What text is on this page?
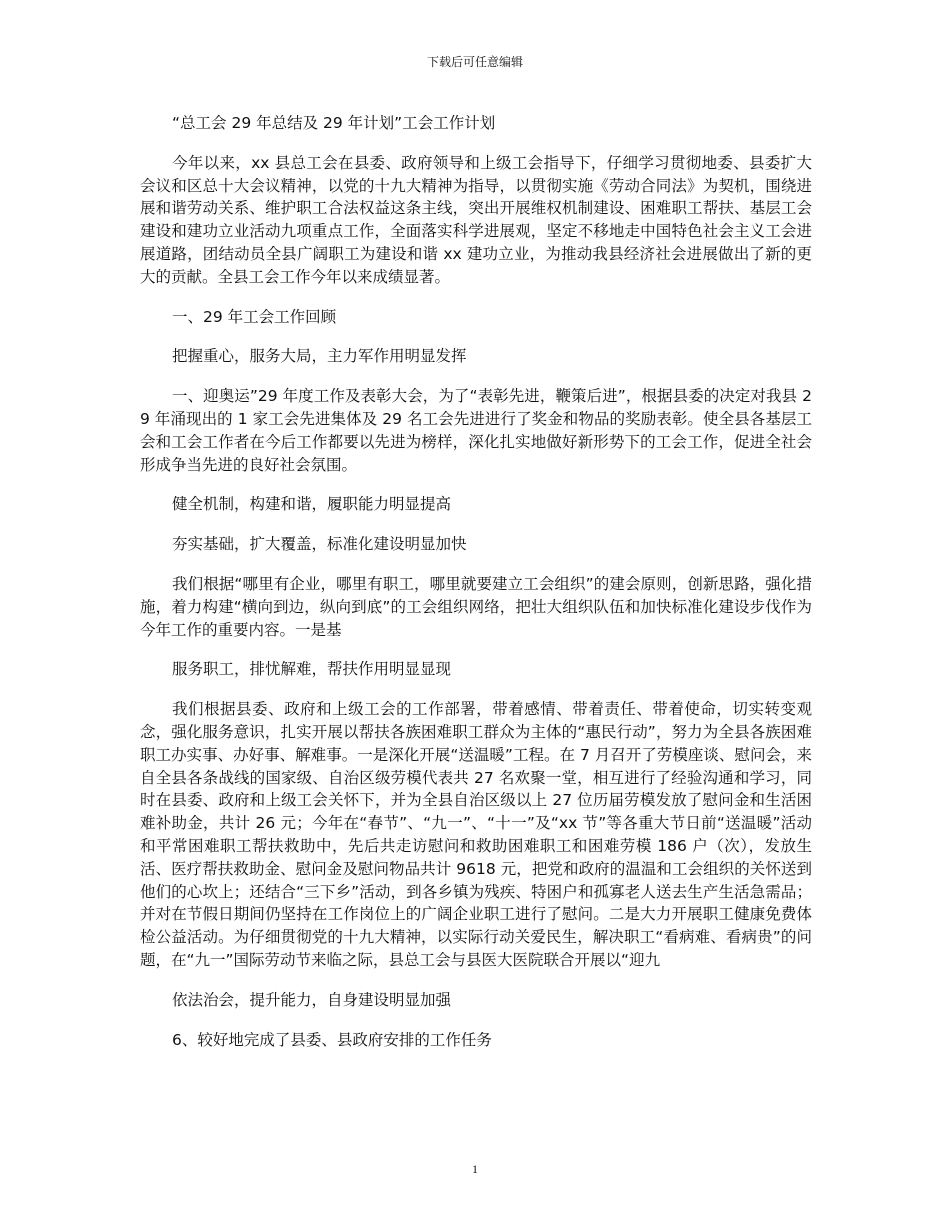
下载后可任意编辑

“总工会 29 年总结及 29 年计划”工会工作计划

今年以来，xx 县总工会在县委、政府领导和上级工会指导下，仔细学习贯彻地委、县委扩大会议和区总十大会议精神，以党的十九大精神为指导，以贯彻实施《劳动合同法》为契机，围绕进展和谐劳动关系、维护职工合法权益这条主线，突出开展维权机制建设、困难职工帮扶、基层工会建设和建功立业活动九项重点工作，全面落实科学进展观，坚定不移地走中国特色社会主义工会进展道路，团结动员全县广阔职工为建设和谐 xx 建功立业，为推动我县经济社会进展做出了新的更大的贡献。全县工会工作今年以来成绩显著。

一、29 年工会工作回顾

把握重心，服务大局，主力军作用明显发挥

一、迎奥运”29 年度工作及表彰大会，为了“表彰先进，鞭策后进”，根据县委的决定对我县 29 年涌现出的 1 家工会先进集体及 29 名工会先进进行了奖金和物品的奖励表彰。使全县各基层工会和工会工作者在今后工作都要以先进为榜样，深化扎实地做好新形势下的工会工作，促进全社会形成争当先进的良好社会氛围。

健全机制，构建和谐，履职能力明显提高

夯实基础，扩大覆盖，标准化建设明显加快

我们根据“哪里有企业，哪里有职工，哪里就要建立工会组织”的建会原则，创新思路，强化措施，着力构建“横向到边，纵向到底”的工会组织网络，把壮大组织队伍和加快标准化建设步伐作为今年工作的重要内容。一是基

服务职工，排忧解难，帮扶作用明显显现

我们根据县委、政府和上级工会的工作部署，带着感情、带着责任、带着使命，切实转变观念，强化服务意识，扎实开展以帮扶各族困难职工群众为主体的“惠民行动”，努力为全县各族困难职工办实事、办好事、解难事。一是深化开展“送温暖”工程。在 7 月召开了劳模座谈、慰问会，来自全县各条战线的国家级、自治区级劳模代表共 27 名欢聚一堂，相互进行了经验沟通和学习，同时在县委、政府和上级工会关怀下，并为全县自治区级以上 27 位历届劳模发放了慰问金和生活困难补助金，共计 26 元；今年在“春节”、“九一”、“十一”及“xx 节”等各重大节日前“送温暖”活动和平常困难职工帮扶救助中，先后共走访慰问和救助困难职工和困难劳模 186 户（次），发放生活、医疗帮扶救助金、慰问金及慰问物品共计 9618 元，把党和政府的温温和工会组织的关怀送到他们的心坎上；还结合“三下乡”活动，到各乡镇为残疾、特困户和孤寡老人送去生产生活急需品；并对在节假日期间仍坚持在工作岗位上的广阔企业职工进行了慰问。二是大力开展职工健康免费体检公益活动。为仔细贯彻党的十九大精神，以实际行动关爱民生，解决职工“看病难、看病贵”的问题，在“九一”国际劳动节来临之际，县总工会与县医大医院联合开展以“迎九

依法治会，提升能力，自身建设明显加强

6、较好地完成了县委、县政府安排的工作任务

1
